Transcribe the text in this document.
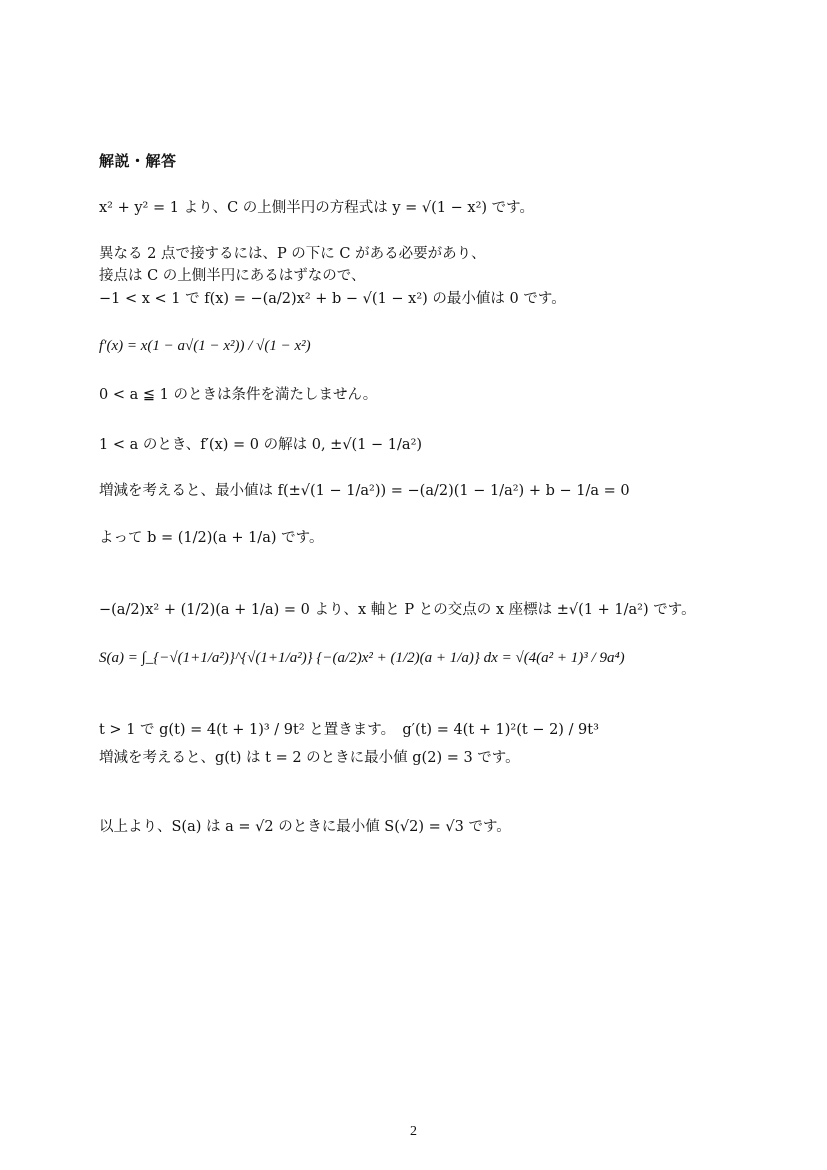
解説・解答
x² + y² = 1 より、C の上側半円の方程式は y = √(1 − x²) です。
異なる 2 点で接するには、P の下に C がある必要があり、
接点は C の上側半円にあるはずなので、
−1 < x < 1 で f(x) = −(a/2)x² + b − √(1 − x²) の最小値は 0 です。
f′(x) = x(1 − a√(1 − x²)) / √(1 − x²)
0 < a ≦ 1 のときは条件を満たしません。
1 < a のとき、f′(x) = 0 の解は 0, ±√(1 − 1/a²)
増減を考えると、最小値は f(±√(1 − 1/a²)) = −(a/2)(1 − 1/a²) + b − 1/a = 0
よって b = (1/2)(a + 1/a) です。
−(a/2)x² + (1/2)(a + 1/a) = 0 より、x 軸と P との交点の x 座標は ±√(1 + 1/a²) です。
S(a) = ∫_{−√(1+1/a²)}^{√(1+1/a²)} {−(a/2)x² + (1/2)(a + 1/a)} dx = √(4(a² + 1)³ / 9a⁴)
t > 1 で g(t) = 4(t + 1)³ / 9t² と置きます。　g′(t) = 4(t + 1)²(t − 2) / 9t³
増減を考えると、g(t) は t = 2 のときに最小値 g(2) = 3 です。
以上より、S(a) は a = √2 のときに最小値 S(√2) = √3 です。
2
